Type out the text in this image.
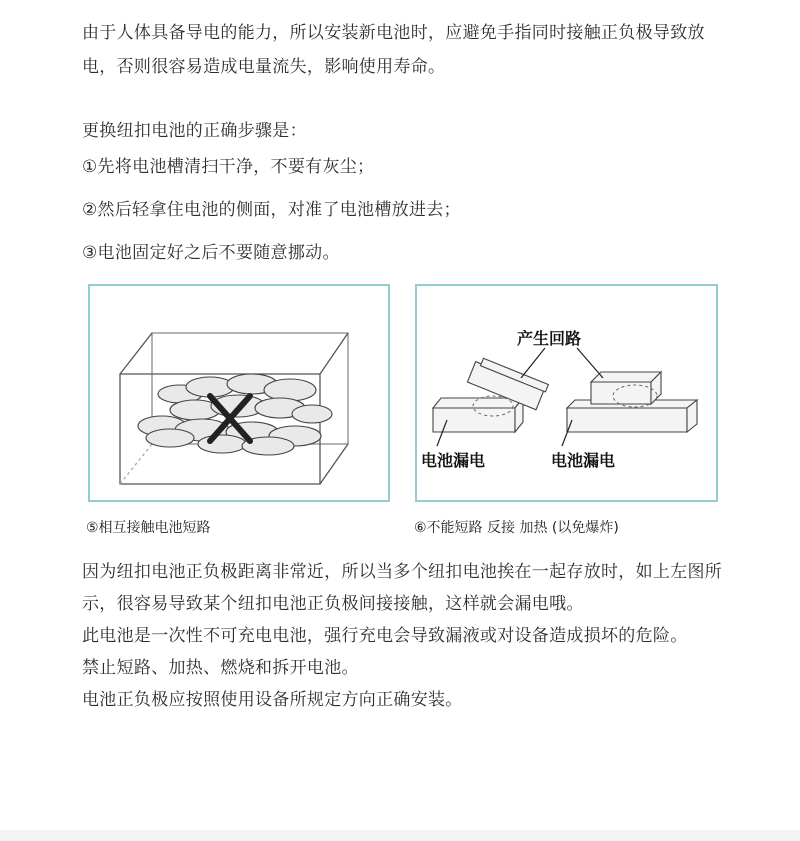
由于人体具备导电的能力，所以安装新电池时，应避免手指同时接触正负极导致放电，否则很容易造成电量流失，影响使用寿命。

更换纽扣电池的正确步骤是：

①先将电池槽清扫干净，不要有灰尘；

②然后轻拿住电池的侧面，对准了电池槽放进去；

③电池固定好之后不要随意挪动。

产生回路
电池漏电	电池漏电
⑤相互接触电池短路	⑥不能短路 反接 加热 (以免爆炸)

因为纽扣电池正负极距离非常近，所以当多个纽扣电池挨在一起存放时，如上左图所示，很容易导致某个纽扣电池正负极间接接触，这样就会漏电哦。

此电池是一次性不可充电电池，强行充电会导致漏液或对设备造成损坏的危险。

禁止短路、加热、燃烧和拆开电池。

电池正负极应按照使用设备所规定方向正确安装。
